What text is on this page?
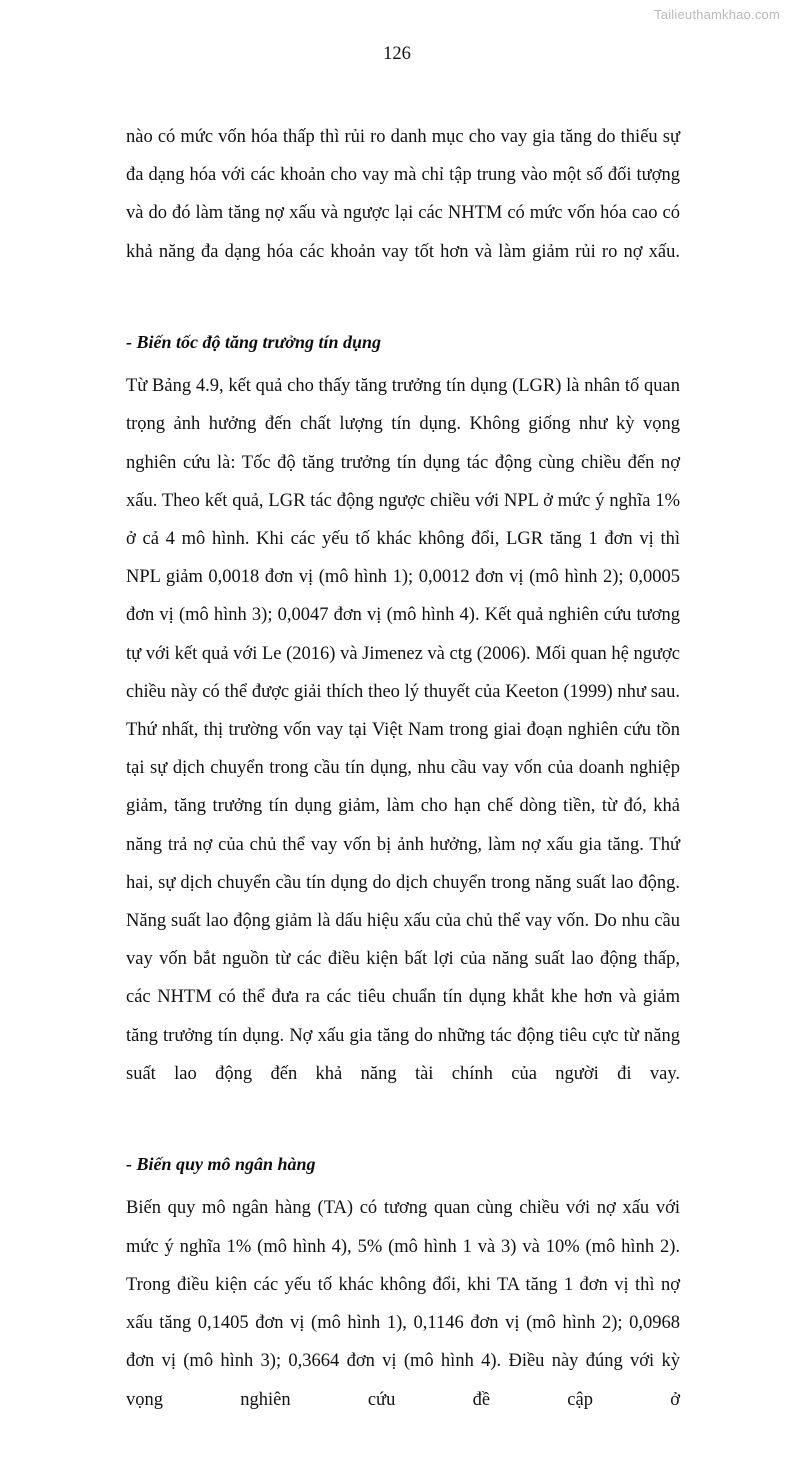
Tailieuthamkhao.com
126

nào có mức vốn hóa thấp thì rủi ro danh mục cho vay gia tăng do thiếu sự đa dạng hóa với các khoản cho vay mà chỉ tập trung vào một số đối tượng và do đó làm tăng nợ xấu và ngược lại các NHTM có mức vốn hóa cao có khả năng đa dạng hóa các khoản vay tốt hơn và làm giảm rủi ro nợ xấu.

- Biến tốc độ tăng trưởng tín dụng

Từ Bảng 4.9, kết quả cho thấy tăng trưởng tín dụng (LGR) là nhân tố quan trọng ảnh hưởng đến chất lượng tín dụng. Không giống như kỳ vọng nghiên cứu là: Tốc độ tăng trưởng tín dụng tác động cùng chiều đến nợ xấu. Theo kết quả, LGR tác động ngược chiều với NPL ở mức ý nghĩa 1% ở cả 4 mô hình. Khi các yếu tố khác không đổi, LGR tăng 1 đơn vị thì NPL giảm 0,0018 đơn vị (mô hình 1); 0,0012 đơn vị (mô hình 2); 0,0005 đơn vị (mô hình 3); 0,0047 đơn vị (mô hình 4). Kết quả nghiên cứu tương tự với kết quả với Le (2016) và Jimenez và ctg (2006). Mối quan hệ ngược chiều này có thể được giải thích theo lý thuyết của Keeton (1999) như sau. Thứ nhất, thị trường vốn vay tại Việt Nam trong giai đoạn nghiên cứu tồn tại sự dịch chuyển trong cầu tín dụng, nhu cầu vay vốn của doanh nghiệp giảm, tăng trưởng tín dụng giảm, làm cho hạn chế dòng tiền, từ đó, khả năng trả nợ của chủ thể vay vốn bị ảnh hưởng, làm nợ xấu gia tăng. Thứ hai, sự dịch chuyển cầu tín dụng do dịch chuyển trong năng suất lao động. Năng suất lao động giảm là dấu hiệu xấu của chủ thể vay vốn. Do nhu cầu vay vốn bắt nguồn từ các điều kiện bất lợi của năng suất lao động thấp, các NHTM có thể đưa ra các tiêu chuẩn tín dụng khắt khe hơn và giảm tăng trưởng tín dụng. Nợ xấu gia tăng do những tác động tiêu cực từ năng suất lao động đến khả năng tài chính của người đi vay.

- Biến quy mô ngân hàng

Biến quy mô ngân hàng (TA) có tương quan cùng chiều với nợ xấu với mức ý nghĩa 1% (mô hình 4), 5% (mô hình 1 và 3) và 10% (mô hình 2). Trong điều kiện các yếu tố khác không đổi, khi TA tăng 1 đơn vị thì nợ xấu tăng 0,1405 đơn vị (mô hình 1), 0,1146 đơn vị (mô hình 2); 0,0968 đơn vị (mô hình 3); 0,3664 đơn vị (mô hình 4). Điều này đúng với kỳ vọng nghiên cứu đề cập ở
